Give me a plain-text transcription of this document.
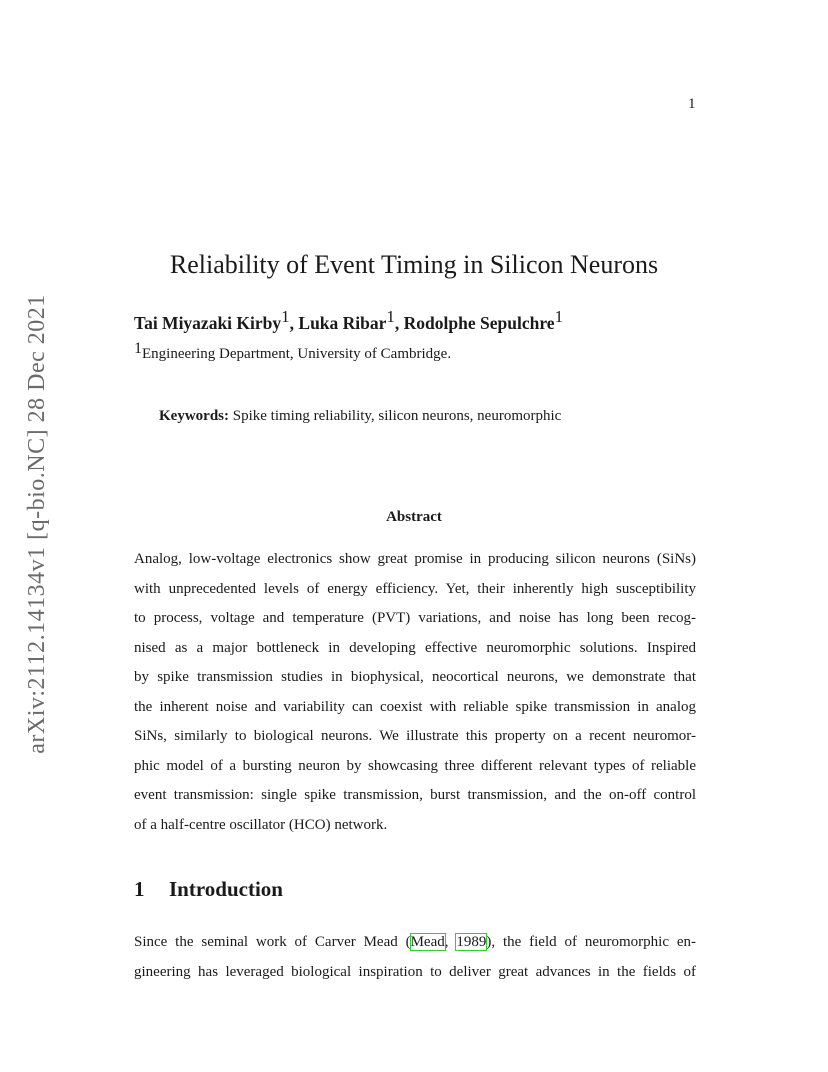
1
arXiv:2112.14134v1 [q-bio.NC] 28 Dec 2021
Reliability of Event Timing in Silicon Neurons
Tai Miyazaki Kirby$^1$, Luka Ribar$^1$, Rodolphe Sepulchre$^1$
$^1$Engineering Department, University of Cambridge.
Keywords: Spike timing reliability, silicon neurons, neuromorphic
Abstract
Analog, low-voltage electronics show great promise in producing silicon neurons (SiNs)
with unprecedented levels of energy efficiency. Yet, their inherently high susceptibility
to process, voltage and temperature (PVT) variations, and noise has long been recog-
nised as a major bottleneck in developing effective neuromorphic solutions. Inspired
by spike transmission studies in biophysical, neocortical neurons, we demonstrate that
the inherent noise and variability can coexist with reliable spike transmission in analog
SiNs, similarly to biological neurons. We illustrate this property on a recent neuromor-
phic model of a bursting neuron by showcasing three different relevant types of reliable
event transmission: single spike transmission, burst transmission, and the on-off control
of a half-centre oscillator (HCO) network.
1 Introduction
Since the seminal work of Carver Mead (Mead, 1989), the field of neuromorphic en-
gineering has leveraged biological inspiration to deliver great advances in the fields of
